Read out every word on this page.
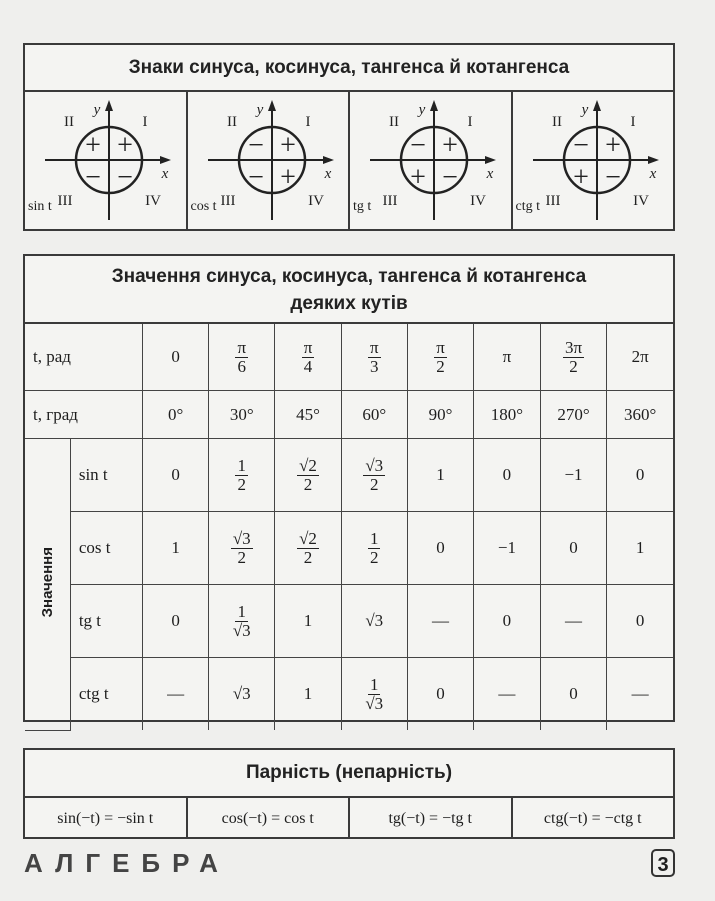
Знаки синуса, косинуса, тангенса й котангенса
y
x
I
II
III	IV
+
+
− −
sin t
y
x
I
II
III	IV
+
−
− +
cos t
y
x
I
II
III	IV
+
−
+ −
tg t
y
x
I
II
III	IV
+
−
+ −
ctg t
Значення синуса, косинуса, тангенса й котангенса
деяких кутів
t, рад		0	$\frac{\pi}{6}$	$\frac{\pi}{4}$	$\frac{\pi}{3}$	$\frac{\pi}{2}$	π	$\frac{3\pi}{2}$	2π
t, град		0°	30°	45°	60°	90°	180°	270°	360°
Значення	sin t	0	$\frac{1}{2}$	$\frac{√2}{2}$	$\frac{√3}{2}$	1	0	−1	0
	cos t	1	$\frac{√3}{2}$	$\frac{√2}{2}$	$\frac{1}{2}$	0	−1	0	1
	tg t	0	$\frac{1}{√3}$	1	√3	—	0	—	0
	ctg t	—	√3	1	$\frac{1}{√3}$	0	—	0	—
Парність (непарність)
sin(−t) = −sin t	cos(−t) = cos t	tg(−t) = −tg t	ctg(−t) = −ctg t
АЛГЕБРА	3
